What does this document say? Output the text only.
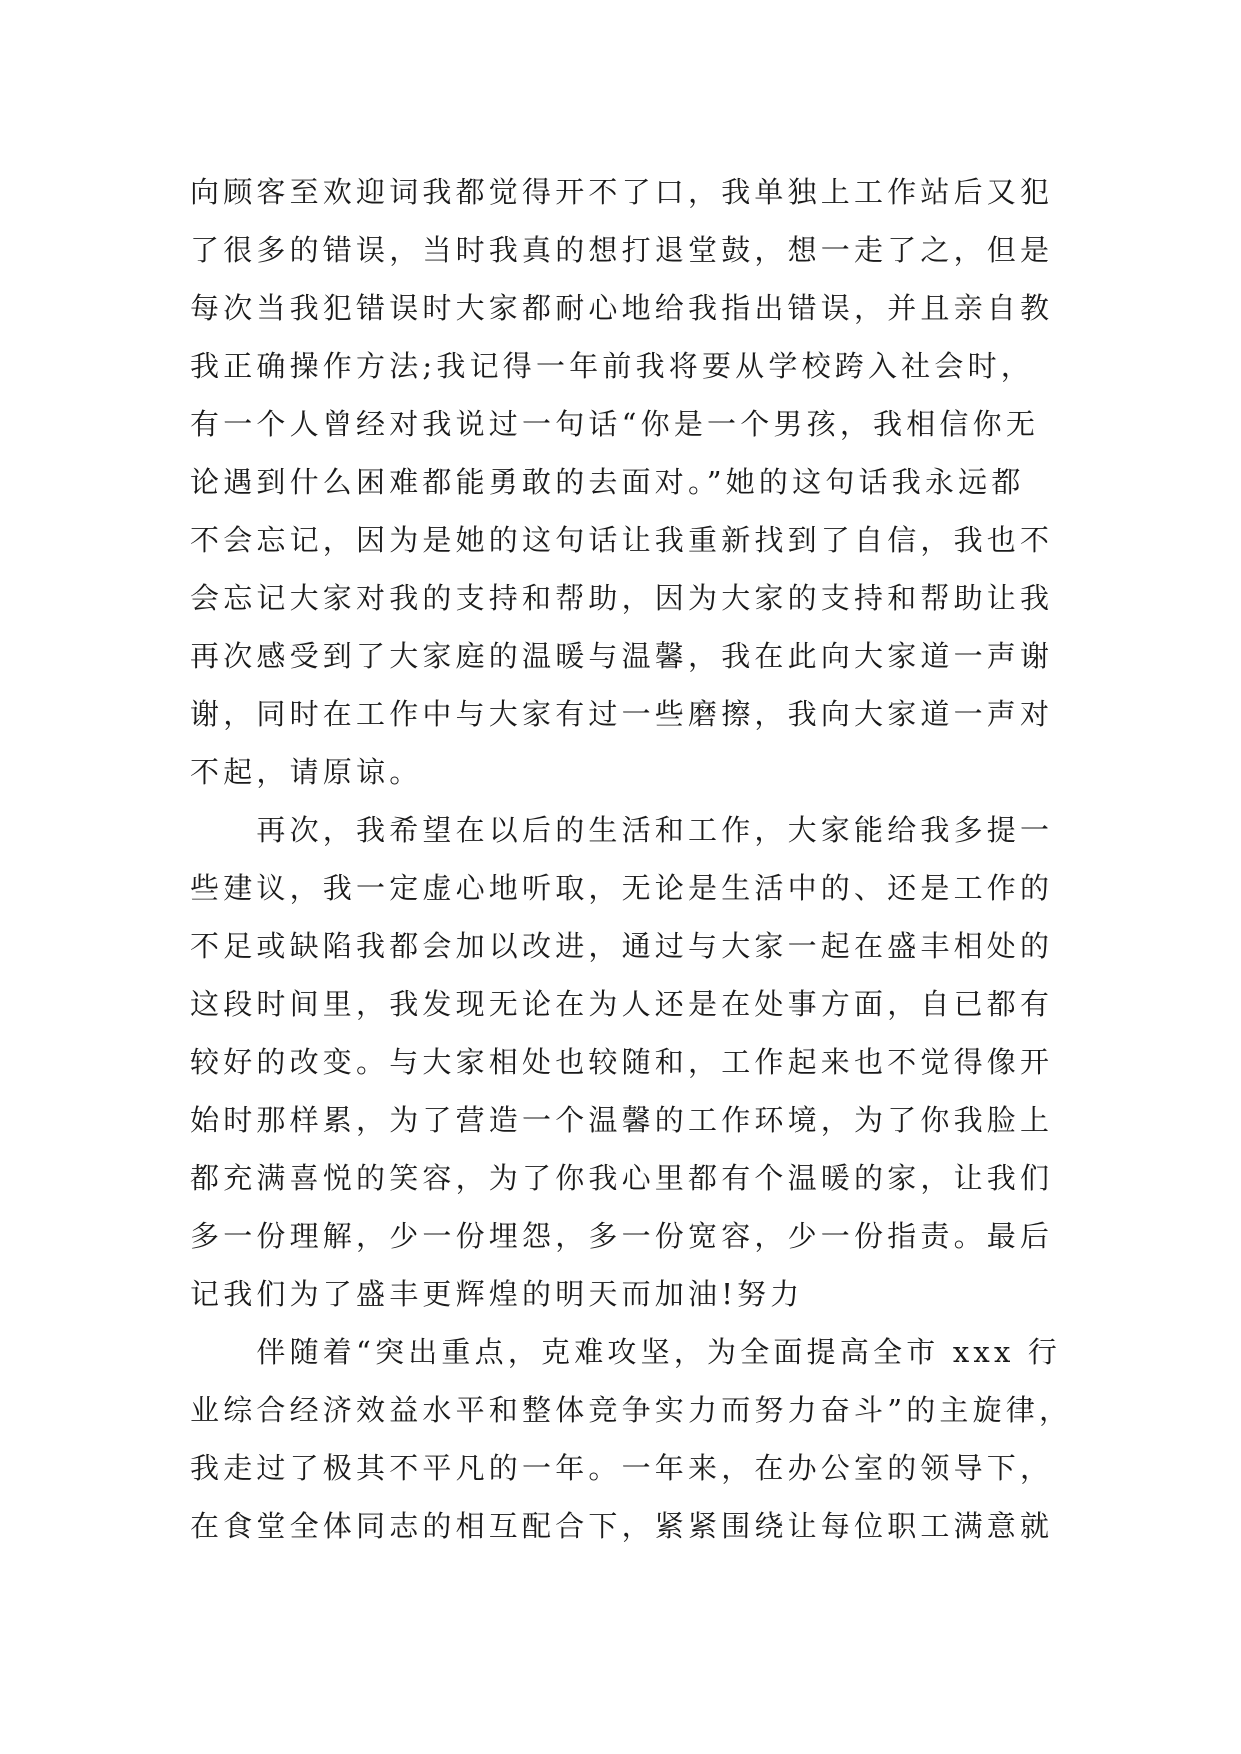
向顾客至欢迎词我都觉得开不了口，我单独上工作站后又犯
了很多的错误，当时我真的想打退堂鼓，想一走了之，但是
每次当我犯错误时大家都耐心地给我指出错误，并且亲自教
我正确操作方法;我记得一年前我将要从学校跨入社会时，
有一个人曾经对我说过一句话“你是一个男孩，我相信你无
论遇到什么困难都能勇敢的去面对。”她的这句话我永远都
不会忘记，因为是她的这句话让我重新找到了自信，我也不
会忘记大家对我的支持和帮助，因为大家的支持和帮助让我
再次感受到了大家庭的温暖与温馨，我在此向大家道一声谢
谢，同时在工作中与大家有过一些磨擦，我向大家道一声对
不起，请原谅。
　　再次，我希望在以后的生活和工作，大家能给我多提一
些建议，我一定虚心地听取，无论是生活中的、还是工作的
不足或缺陷我都会加以改进，通过与大家一起在盛丰相处的
这段时间里，我发现无论在为人还是在处事方面，自已都有
较好的改变。与大家相处也较随和，工作起来也不觉得像开
始时那样累，为了营造一个温馨的工作环境，为了你我脸上
都充满喜悦的笑容，为了你我心里都有个温暖的家，让我们
多一份理解，少一份埋怨，多一份宽容，少一份指责。最后
记我们为了盛丰更辉煌的明天而加油!努力
　　伴随着“突出重点，克难攻坚，为全面提高全市 xxx 行
业综合经济效益水平和整体竞争实力而努力奋斗”的主旋律，
我走过了极其不平凡的一年。一年来，在办公室的领导下，
在食堂全体同志的相互配合下，紧紧围绕让每位职工满意就
